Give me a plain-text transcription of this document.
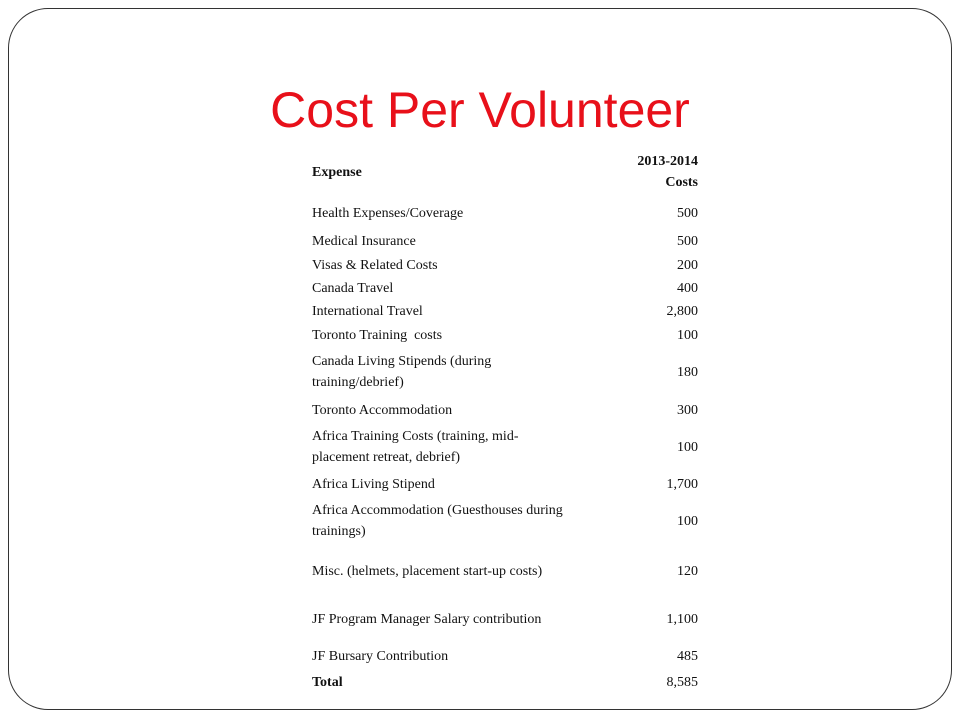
Cost Per Volunteer
Expense	2013-2014 Costs
Health Expenses/Coverage	500
Medical Insurance	500
Visas & Related Costs	200
Canada Travel	400
International Travel	2,800
Toronto Training  costs	100
Canada Living Stipends (during training/debrief)	180
Toronto Accommodation	300
Africa Training Costs (training, mid-placement retreat, debrief)	100
Africa Living Stipend	1,700
Africa Accommodation (Guesthouses during trainings)	100
Misc. (helmets, placement start-up costs)	120
JF Program Manager Salary contribution	1,100
JF Bursary Contribution	485
Total	8,585
